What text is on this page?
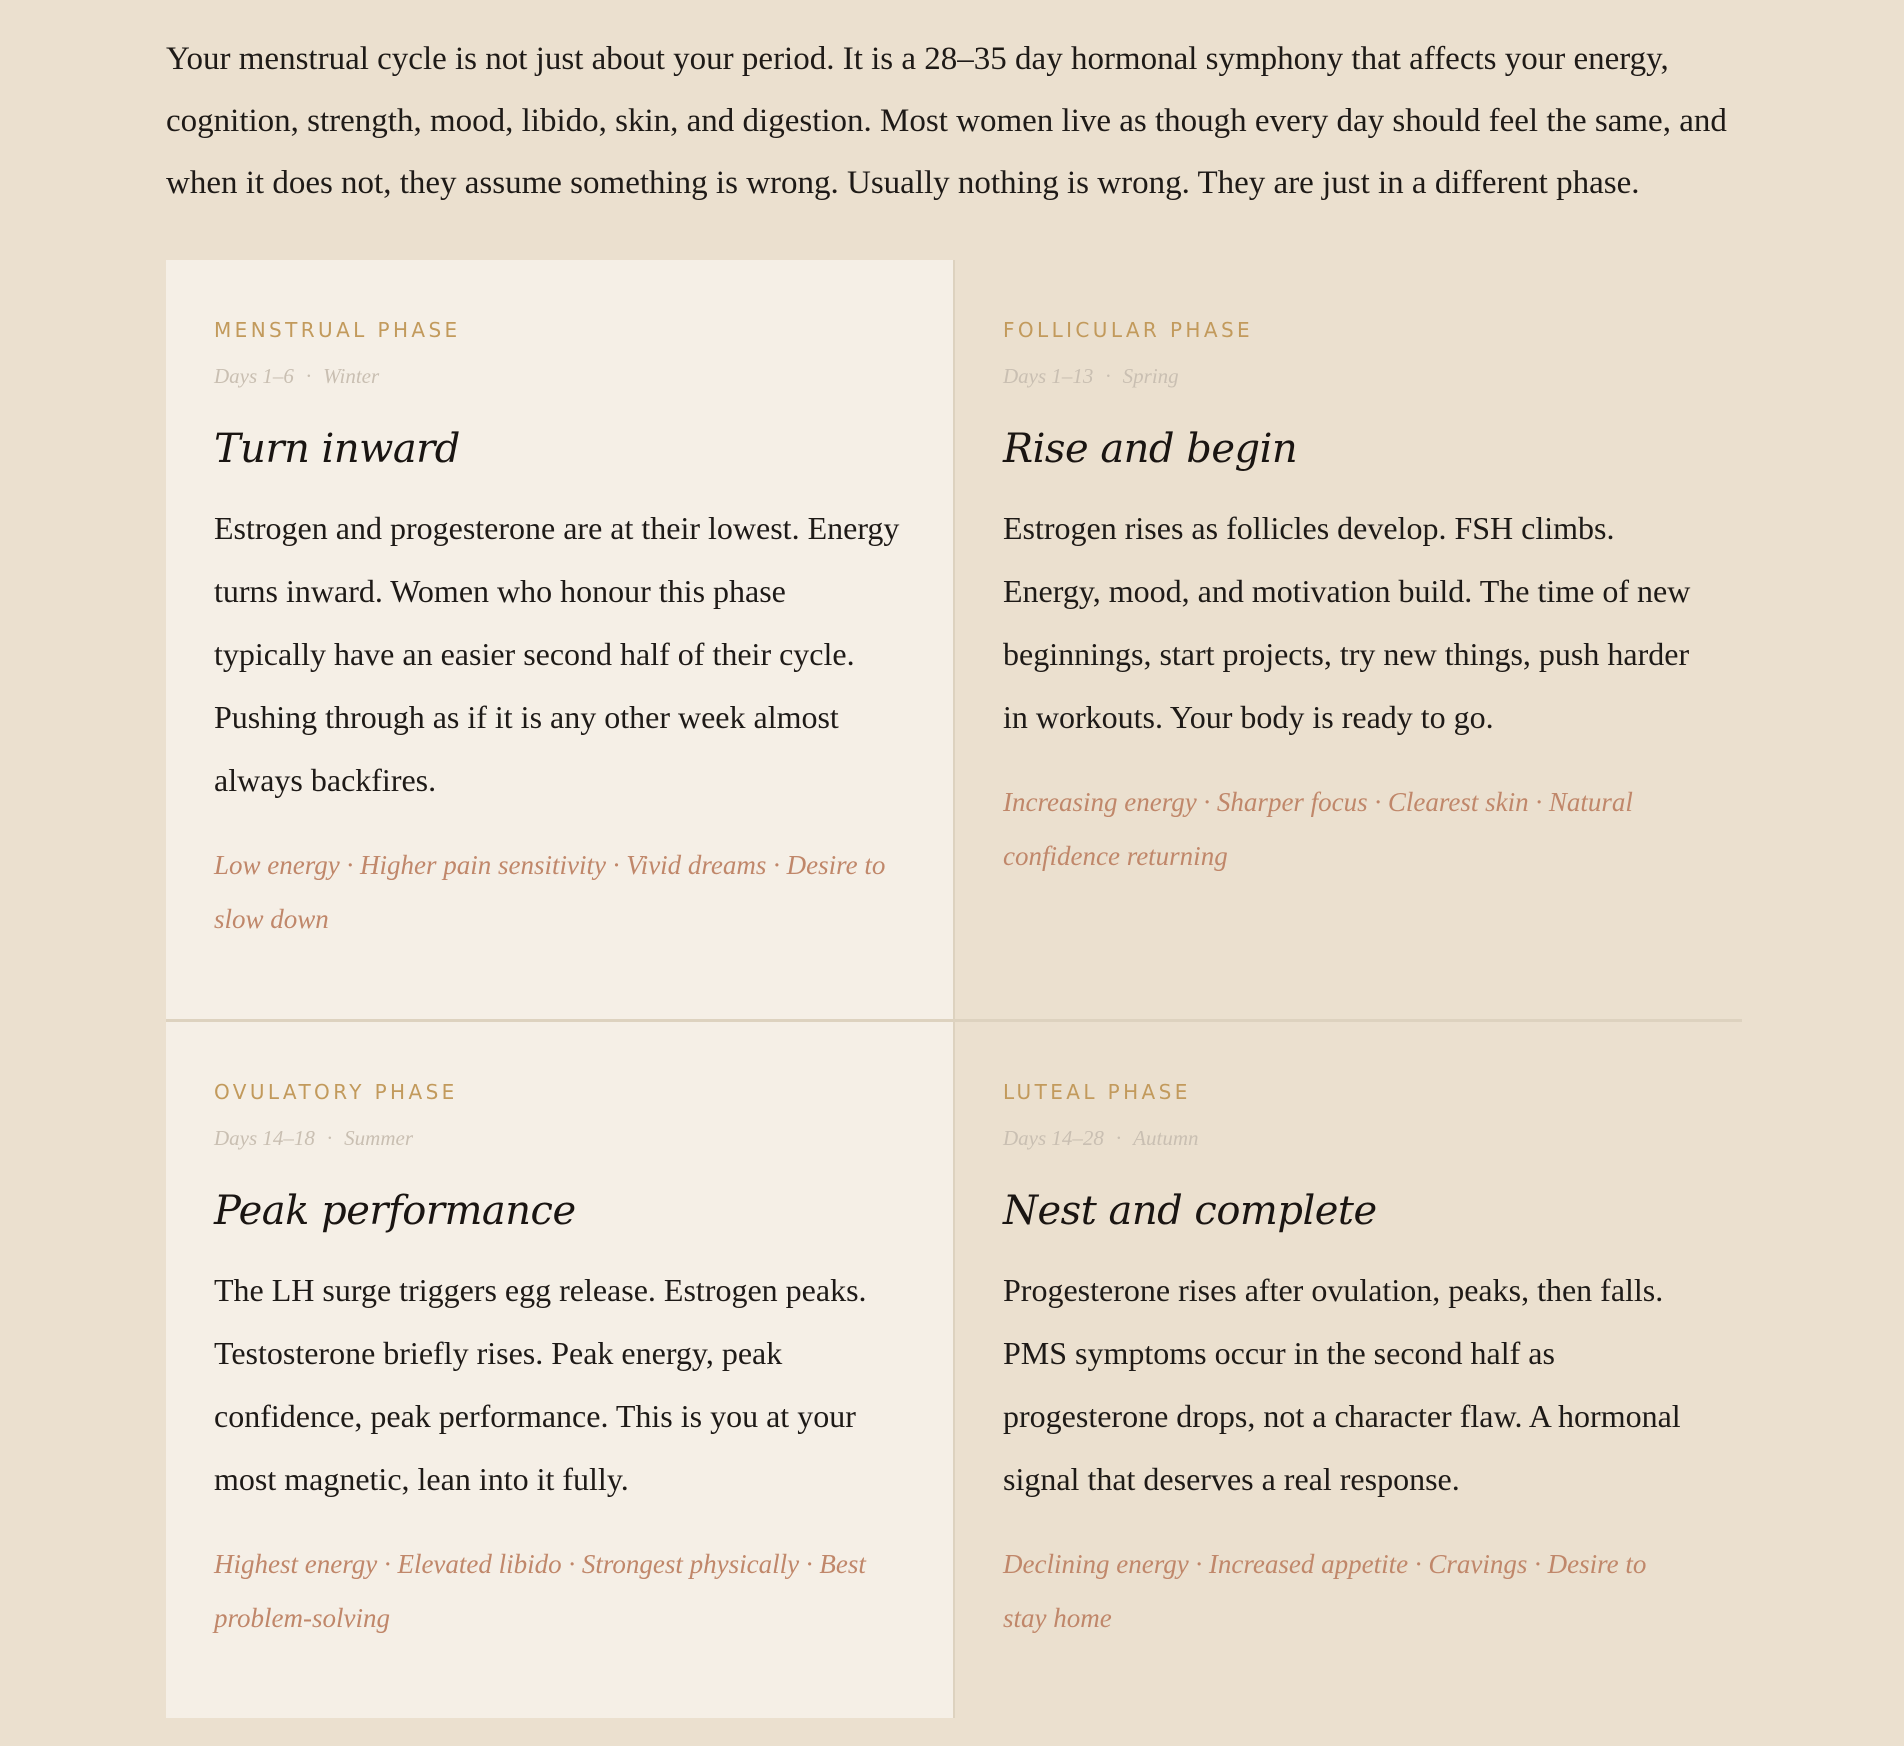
Your menstrual cycle is not just about your period. It is a 28–35 day hormonal symphony that affects your energy, cognition, strength, mood, libido, skin, and digestion. Most women live as though every day should feel the same, and when it does not, they assume something is wrong. Usually nothing is wrong. They are just in a different phase.

MENSTRUAL PHASE

Days 1–6 · Winter
Turn inward

Estrogen and progesterone are at their lowest. Energy turns inward. Women who honour this phase typically have an easier second half of their cycle. Pushing through as if it is any other week almost always backfires.

Low energy · Higher pain sensitivity · Vivid dreams · Desire to slow down

FOLLICULAR PHASE

Days 1–13 · Spring
Rise and begin

Estrogen rises as follicles develop. FSH climbs. Energy, mood, and motivation build. The time of new beginnings, start projects, try new things, push harder in workouts. Your body is ready to go.

Increasing energy · Sharper focus · Clearest skin · Natural confidence returning

OVULATORY PHASE

Days 14–18 · Summer
Peak performance

The LH surge triggers egg release. Estrogen peaks. Testosterone briefly rises. Peak energy, peak confidence, peak performance. This is you at your most magnetic, lean into it fully.

Highest energy · Elevated libido · Strongest physically · Best problem-solving

LUTEAL PHASE

Days 14–28 · Autumn
Nest and complete

Progesterone rises after ovulation, peaks, then falls. PMS symptoms occur in the second half as progesterone drops, not a character flaw. A hormonal signal that deserves a real response.

Declining energy · Increased appetite · Cravings · Desire to stay home
